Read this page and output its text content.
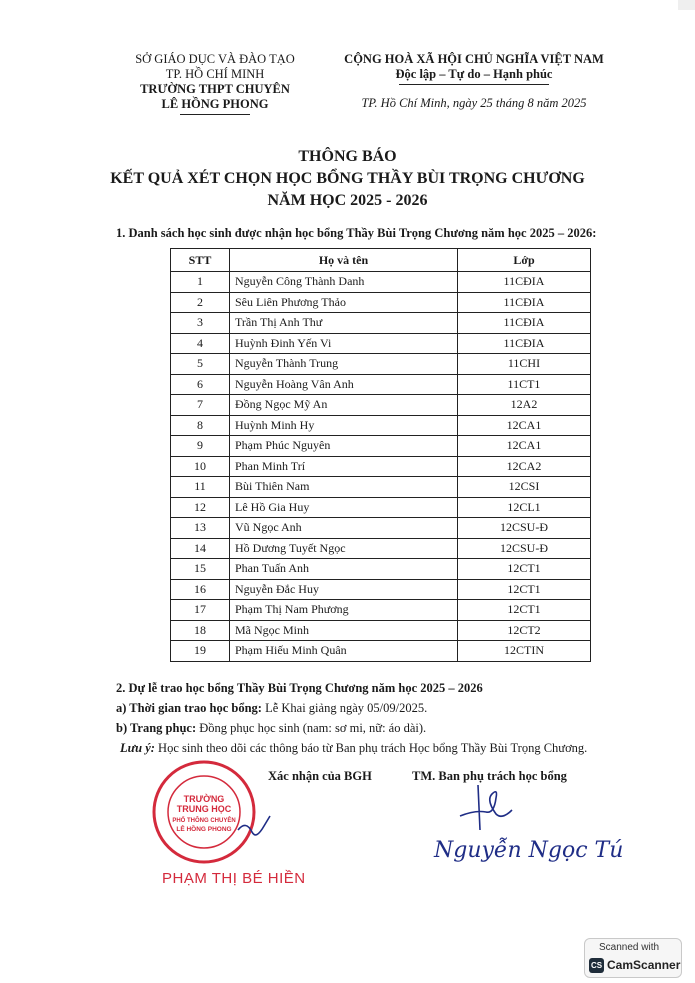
SỞ GIÁO DỤC VÀ ĐÀO TẠO
TP. HỒ CHÍ MINH
TRƯỜNG THPT CHUYÊN
LÊ HỒNG PHONG
CỘNG HOÀ XÃ HỘI CHỦ NGHĨA VIỆT NAM
Độc lập – Tự do – Hạnh phúc
TP. Hồ Chí Minh, ngày 25 tháng 8 năm 2025
THÔNG BÁO
KẾT QUẢ XÉT CHỌN HỌC BỔNG THẦY BÙI TRỌNG CHƯƠNG
NĂM HỌC 2025 - 2026
1. Danh sách học sinh được nhận học bổng Thầy Bùi Trọng Chương năm học 2025 – 2026:
STT	Họ và tên	Lớp
1	Nguyễn Công Thành Danh	11CĐIA
2	Sêu Liên Phương Thảo	11CĐIA
3	Trần Thị Anh Thư	11CĐIA
4	Huỳnh Đinh Yến Vi	11CĐIA
5	Nguyễn Thành Trung	11CHI
6	Nguyễn Hoàng Vân Anh	11CT1
7	Đồng Ngọc Mỹ An	12A2
8	Huỳnh Minh Hy	12CA1
9	Phạm Phúc Nguyên	12CA1
10	Phan Minh Trí	12CA2
11	Bùi Thiên Nam	12CSI
12	Lê Hồ Gia Huy	12CL1
13	Vũ Ngọc Anh	12CSU-Đ
14	Hồ Dương Tuyết Ngọc	12CSU-Đ
15	Phan Tuấn Anh	12CT1
16	Nguyễn Đắc Huy	12CT1
17	Phạm Thị Nam Phương	12CT1
18	Mã Ngọc Minh	12CT2
19	Phạm Hiếu Minh Quân	12CTIN
2. Dự lễ trao học bổng Thầy Bùi Trọng Chương năm học 2025 – 2026
a) Thời gian trao học bổng: Lễ Khai giảng ngày 05/09/2025.
b) Trang phục: Đồng phục học sinh (nam: sơ mi, nữ: áo dài).
Lưu ý: Học sinh theo dõi các thông báo từ Ban phụ trách Học bổng Thầy Bùi Trọng Chương.
Xác nhận của BGH	TM. Ban phụ trách học bổng
TRƯỜNG
TRUNG HỌC
PHỔ THÔNG CHUYÊN
LÊ HỒNG PHONG
PHẠM THỊ BÉ HIỀN
Nguyễn Ngọc Tú
Scanned with
CS CamScanner
